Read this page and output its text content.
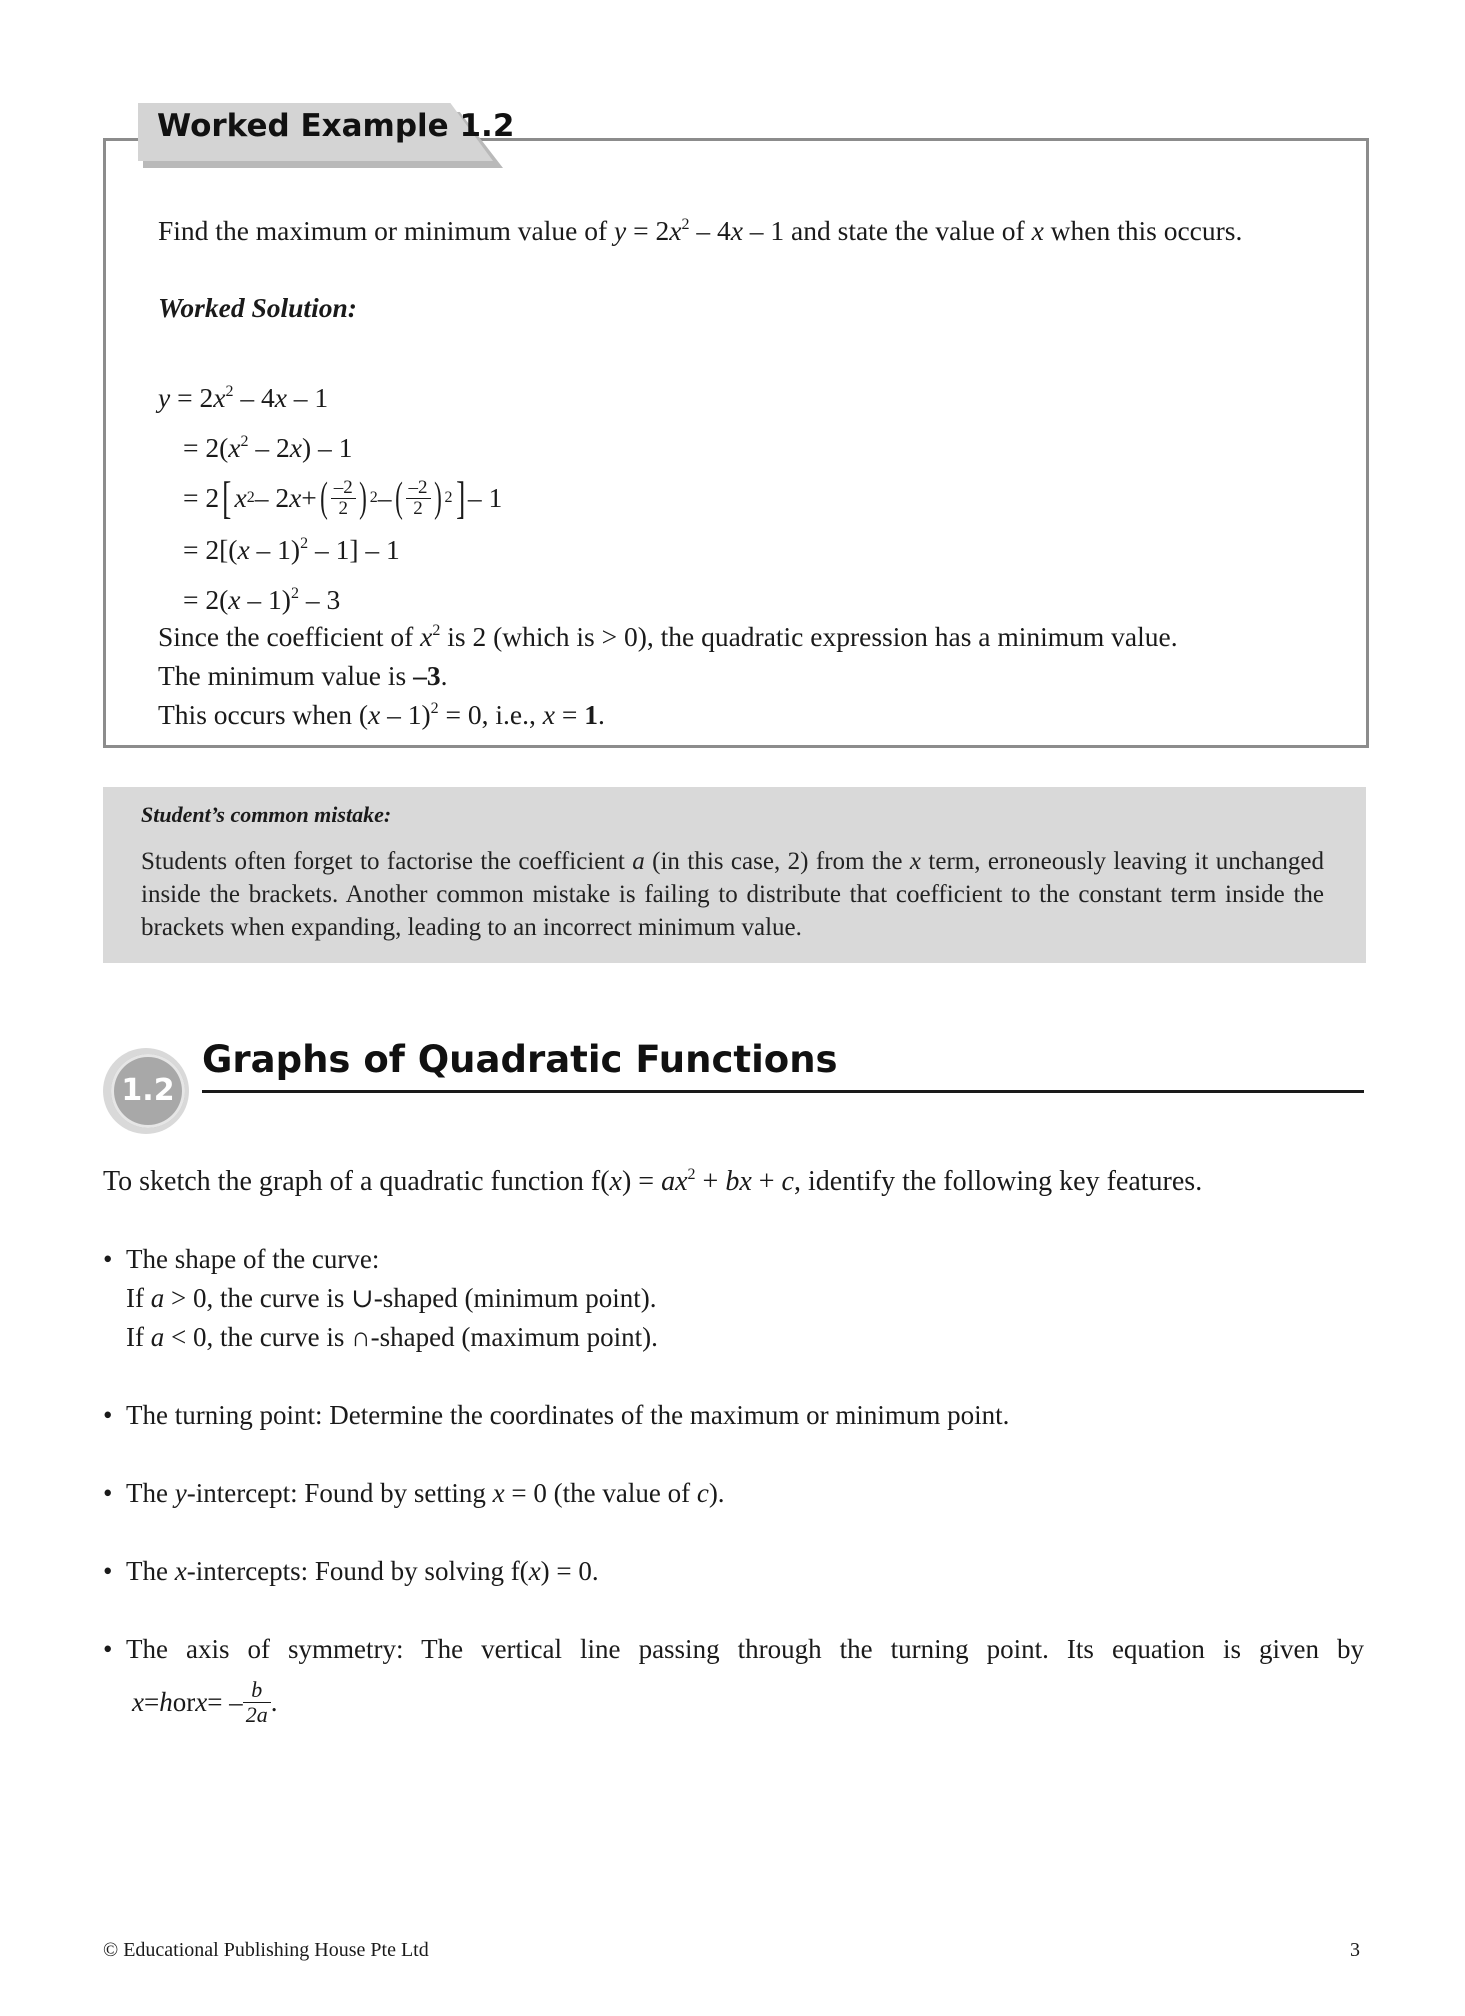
Worked Example 1.2
Find the maximum or minimum value of $y = 2x^2 - 4x - 1$ and state the value of x when this occurs.
Worked Solution:
$y = 2x^2 - 4x - 1$
= $2(x^2 - 2x) - 1$
= 2 [ x 2 – 2 x + ( $\frac{-2}{2}$ ) 2 – ( $\frac{-2}{2}$ ) 2 ] – 1
= 2[(x – 1)$^2$ – 1] – 1
= 2(x – 1)$^2$ – 3
Since the coefficient of $x^2$ is 2 (which is > 0), the quadratic expression has a minimum value.
The minimum value is –3.
This occurs when (x – 1)$^2$ = 0, i.e., x = 1.
Student’s common mistake:
Students often forget to factorise the coefficient a (in this case, 2) from the x term, erroneously leaving it unchanged inside the brackets. Another common mistake is failing to distribute that coefficient to the constant term inside the brackets when expanding, leading to an incorrect minimum value.
1.2
Graphs of Quadratic Functions
To sketch the graph of a quadratic function $f(x) = ax^2$ + bx + c, identify the following key features.
• The shape of the curve:
If a > 0, the curve is ∪-shaped (minimum point).
If a < 0, the curve is ∩-shaped (maximum point).
• The turning point: Determine the coordinates of the maximum or minimum point.
• The y-intercept: Found by setting x = 0 (the value of c).
• The x-intercepts: Found by solving f(x) = 0.
• The axis of symmetry: The vertical line passing through the turning point. Its equation is given by
x = h or x = – $\frac{b}{2a}$ .
© Educational Publishing House Pte Ltd	3
